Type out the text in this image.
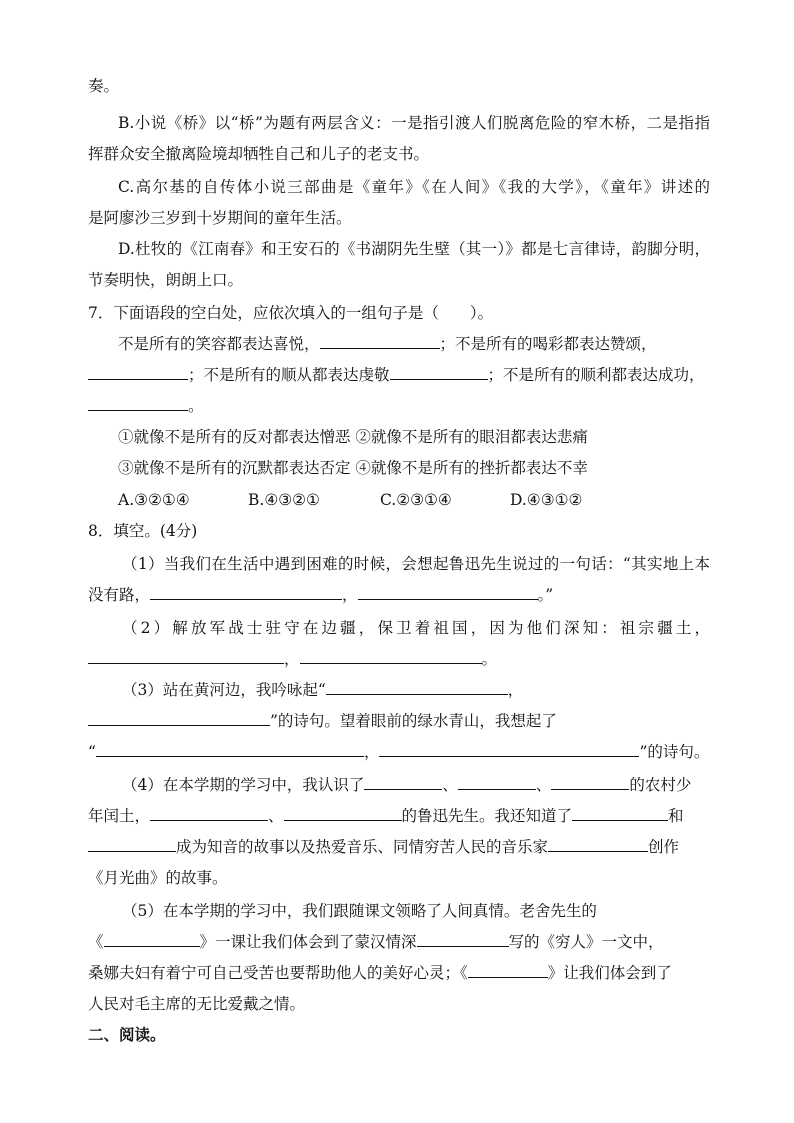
奏。
B.小说《桥》以“桥”为题有两层含义：一是指引渡人们脱离危险的窄木桥，二是指指
挥群众安全撤离险境却牺牲自己和儿子的老支书。
C.高尔基的自传体小说三部曲是《童年》《在人间》《我的大学》，《童年》讲述的
是阿廖沙三岁到十岁期间的童年生活。
D.杜牧的《江南春》和王安石的《书湖阴先生壁（其一）》都是七言律诗，韵脚分明，
节奏明快，朗朗上口。
7．下面语段的空白处，应依次填入的一组句子是（　　）。
不是所有的笑容都表达喜悦，	；不是所有的喝彩都表达赞颂，
；不是所有的顺从都表达虔敬	；不是所有的顺利都表达成功，
。
①就像不是所有的反对都表达憎恶 ②就像不是所有的眼泪都表达悲痛
③就像不是所有的沉默都表达否定 ④就像不是所有的挫折都表达不幸
A.③②①④	B.④③②①	C.②③①④	D.④③①②
8．填空。(4分)
（1）当我们在生活中遇到困难的时候，会想起鲁迅先生说过的一句话：“其实地上本
没有路，	，	。”
（2）解放军战士驻守在边疆，保卫着祖国，因为他们深知：祖宗疆土，
，	。
（3）站在黄河边，我吟咏起“	，
”的诗句。望着眼前的绿水青山，我想起了
“	，	”的诗句。
（4）在本学期的学习中，我认识了	、	、	的农村少
年闰土，	、	的鲁迅先生。我还知道了	和
成为知音的故事以及热爱音乐、同情穷苦人民的音乐家	创作
《月光曲》的故事。
（5）在本学期的学习中，我们跟随课文领略了人间真情。老舍先生的
《	》一课让我们体会到了蒙汉情深	写的《穷人》一文中，
桑娜夫妇有着宁可自己受苦也要帮助他人的美好心灵；《	》让我们体会到了
人民对毛主席的无比爱戴之情。
二、阅读。
